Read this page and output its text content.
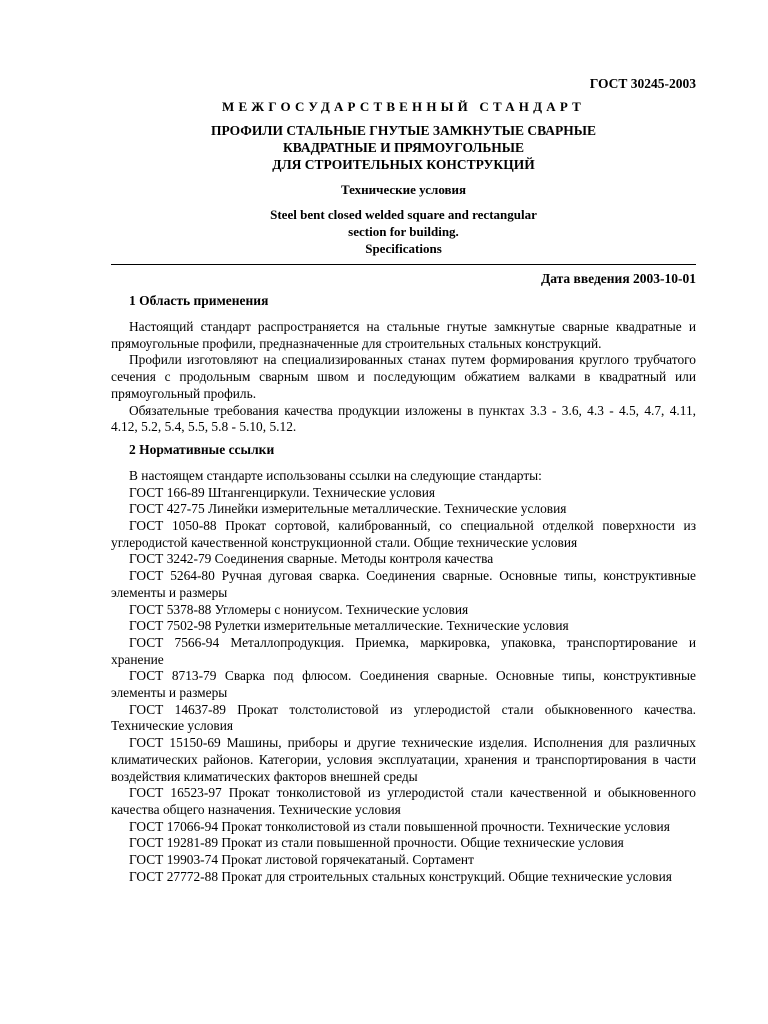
ГОСТ 30245-2003

МЕЖГОСУДАРСТВЕННЫЙ СТАНДАРТ

ПРОФИЛИ СТАЛЬНЫЕ ГНУТЫЕ ЗАМКНУТЫЕ СВАРНЫЕ
КВАДРАТНЫЕ И ПРЯМОУГОЛЬНЫЕ
ДЛЯ СТРОИТЕЛЬНЫХ КОНСТРУКЦИЙ

Технические условия

Steel bent closed welded square and rectangular
section for building.
Specifications

Дата введения 2003-10-01

1 Область применения

Настоящий стандарт распространяется на стальные гнутые замкнутые сварные квадратные и прямоугольные профили, предназначенные для строительных стальных конструкций.

Профили изготовляют на специализированных станах путем формирования круглого трубчатого сечения с продольным сварным швом и последующим обжатием валками в квадратный или прямоугольный профиль.

Обязательные требования качества продукции изложены в пунктах 3.3 - 3.6, 4.3 - 4.5, 4.7, 4.11, 4.12, 5.2, 5.4, 5.5, 5.8 - 5.10, 5.12.

2 Нормативные ссылки

В настоящем стандарте использованы ссылки на следующие стандарты:

ГОСТ 166-89 Штангенциркули. Технические условия
ГОСТ 427-75 Линейки измерительные металлические. Технические условия
ГОСТ 1050-88 Прокат сортовой, калиброванный, со специальной отделкой поверхности из углеродистой качественной конструкционной стали. Общие технические условия
ГОСТ 3242-79 Соединения сварные. Методы контроля качества
ГОСТ 5264-80 Ручная дуговая сварка. Соединения сварные. Основные типы, конструктивные элементы и размеры
ГОСТ 5378-88 Угломеры с нониусом. Технические условия
ГОСТ 7502-98 Рулетки измерительные металлические. Технические условия
ГОСТ 7566-94 Металлопродукция. Приемка, маркировка, упаковка, транспортирование и хранение
ГОСТ 8713-79 Сварка под флюсом. Соединения сварные. Основные типы, конструктивные элементы и размеры
ГОСТ 14637-89 Прокат толстолистовой из углеродистой стали обыкновенного качества. Технические условия
ГОСТ 15150-69 Машины, приборы и другие технические изделия. Исполнения для различных климатических районов. Категории, условия эксплуатации, хранения и транспортирования в части воздействия климатических факторов внешней среды
ГОСТ 16523-97 Прокат тонколистовой из углеродистой стали качественной и обыкновенного качества общего назначения. Технические условия
ГОСТ 17066-94 Прокат тонколистовой из стали повышенной прочности. Технические условия
ГОСТ 19281-89 Прокат из стали повышенной прочности. Общие технические условия
ГОСТ 19903-74 Прокат листовой горячекатаный. Сортамент
ГОСТ 27772-88 Прокат для строительных стальных конструкций. Общие технические условия
